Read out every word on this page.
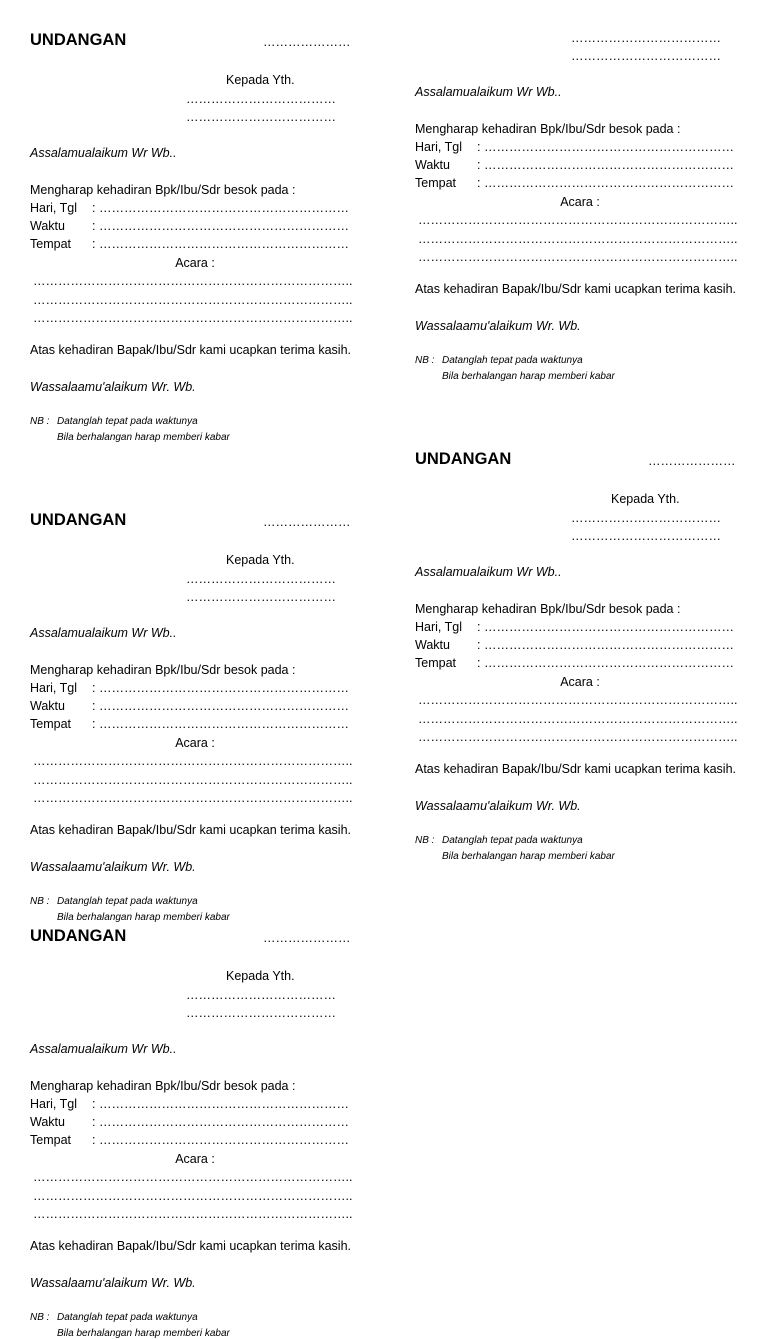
UNDANGAN	…………………
Kepada Yth.
………………………………
………………………………
Assalamualaikum Wr Wb..
Mengharap kehadiran Bpk/Ibu/Sdr besok pada :
Hari, Tgl : ……………………………………………………
Waktu : ……………………………………………………
Tempat : ……………………………………………………
Acara :
…………………………………………………………………..
…………………………………………………………………..
…………………………………………………………………..
Atas kehadiran Bapak/Ibu/Sdr kami ucapkan terima kasih.
Wassalaamu'alaikum Wr. Wb.
NB : Datanglah tepat pada waktunya
Bila berhalangan harap memberi kabar
UNDANGAN	…………………
Kepada Yth.
………………………………
………………………………
Assalamualaikum Wr Wb..
Mengharap kehadiran Bpk/Ibu/Sdr besok pada :
Hari, Tgl : ……………………………………………………
Waktu : ……………………………………………………
Tempat : ……………………………………………………
Acara :
…………………………………………………………………..
…………………………………………………………………..
…………………………………………………………………..
Atas kehadiran Bapak/Ibu/Sdr kami ucapkan terima kasih.
Wassalaamu'alaikum Wr. Wb.
NB : Datanglah tepat pada waktunya
Bila berhalangan harap memberi kabar
UNDANGAN	…………………
Kepada Yth.
………………………………
………………………………
Assalamualaikum Wr Wb..
Mengharap kehadiran Bpk/Ibu/Sdr besok pada :
Hari, Tgl : ……………………………………………………
Waktu : ……………………………………………………
Tempat : ……………………………………………………
Acara :
…………………………………………………………………..
…………………………………………………………………..
…………………………………………………………………..
Atas kehadiran Bapak/Ibu/Sdr kami ucapkan terima kasih.
Wassalaamu'alaikum Wr. Wb.
NB : Datanglah tepat pada waktunya
Bila berhalangan harap memberi kabar
………………………………
………………………………
Assalamualaikum Wr Wb..
Mengharap kehadiran Bpk/Ibu/Sdr besok pada :
Hari, Tgl : ……………………………………………………
Waktu : ……………………………………………………
Tempat : ……………………………………………………
Acara :
…………………………………………………………………..
…………………………………………………………………..
…………………………………………………………………..
Atas kehadiran Bapak/Ibu/Sdr kami ucapkan terima kasih.
Wassalaamu'alaikum Wr. Wb.
NB : Datanglah tepat pada waktunya
Bila berhalangan harap memberi kabar
UNDANGAN	…………………
Kepada Yth.
………………………………
………………………………
Assalamualaikum Wr Wb..
Mengharap kehadiran Bpk/Ibu/Sdr besok pada :
Hari, Tgl : ……………………………………………………
Waktu : ……………………………………………………
Tempat : ……………………………………………………
Acara :
…………………………………………………………………..
…………………………………………………………………..
…………………………………………………………………..
Atas kehadiran Bapak/Ibu/Sdr kami ucapkan terima kasih.
Wassalaamu'alaikum Wr. Wb.
NB : Datanglah tepat pada waktunya
Bila berhalangan harap memberi kabar
